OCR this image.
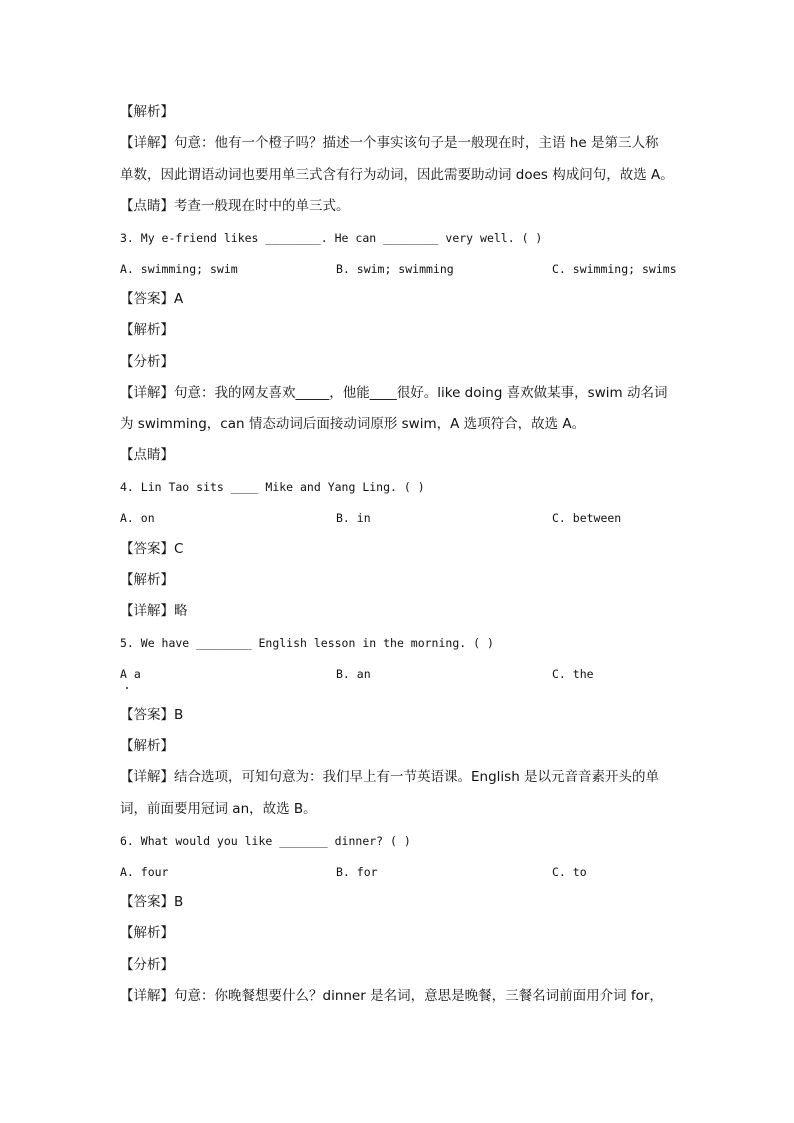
【解析】
【详解】句意：他有一个橙子吗？描述一个事实该句子是一般现在时，主语 he 是第三人称
单数，因此谓语动词也要用单三式含有行为动词，因此需要助动词 does 构成问句，故选 A。
【点睛】考查一般现在时中的单三式。
3. My e-friend likes ________. He can ________ very well. ( )
A. swimming; swim	B. swim; swimming	C. swimming; swims
【答案】A
【解析】
【分析】
【详解】句意：我的网友喜欢_____，他能____很好。like doing 喜欢做某事，swim 动名词
为 swimming，can 情态动词后面接动词原形 swim，A 选项符合，故选 A。
【点睛】
4. Lin Tao sits ____ Mike and Yang Ling. ( )
A. on	B. in	C. between
【答案】C
【解析】
【详解】略
5. We have ________ English lesson in the morning. ( )
A a	B. an	C. the
【答案】B
【解析】
【详解】结合选项，可知句意为：我们早上有一节英语课。English 是以元音音素开头的单
词，前面要用冠词 an，故选 B。
6. What would you like _______ dinner? ( )
A. four	B. for	C. to
【答案】B
【解析】
【分析】
【详解】句意：你晚餐想要什么？dinner 是名词，意思是晚餐，三餐名词前面用介词 for，
